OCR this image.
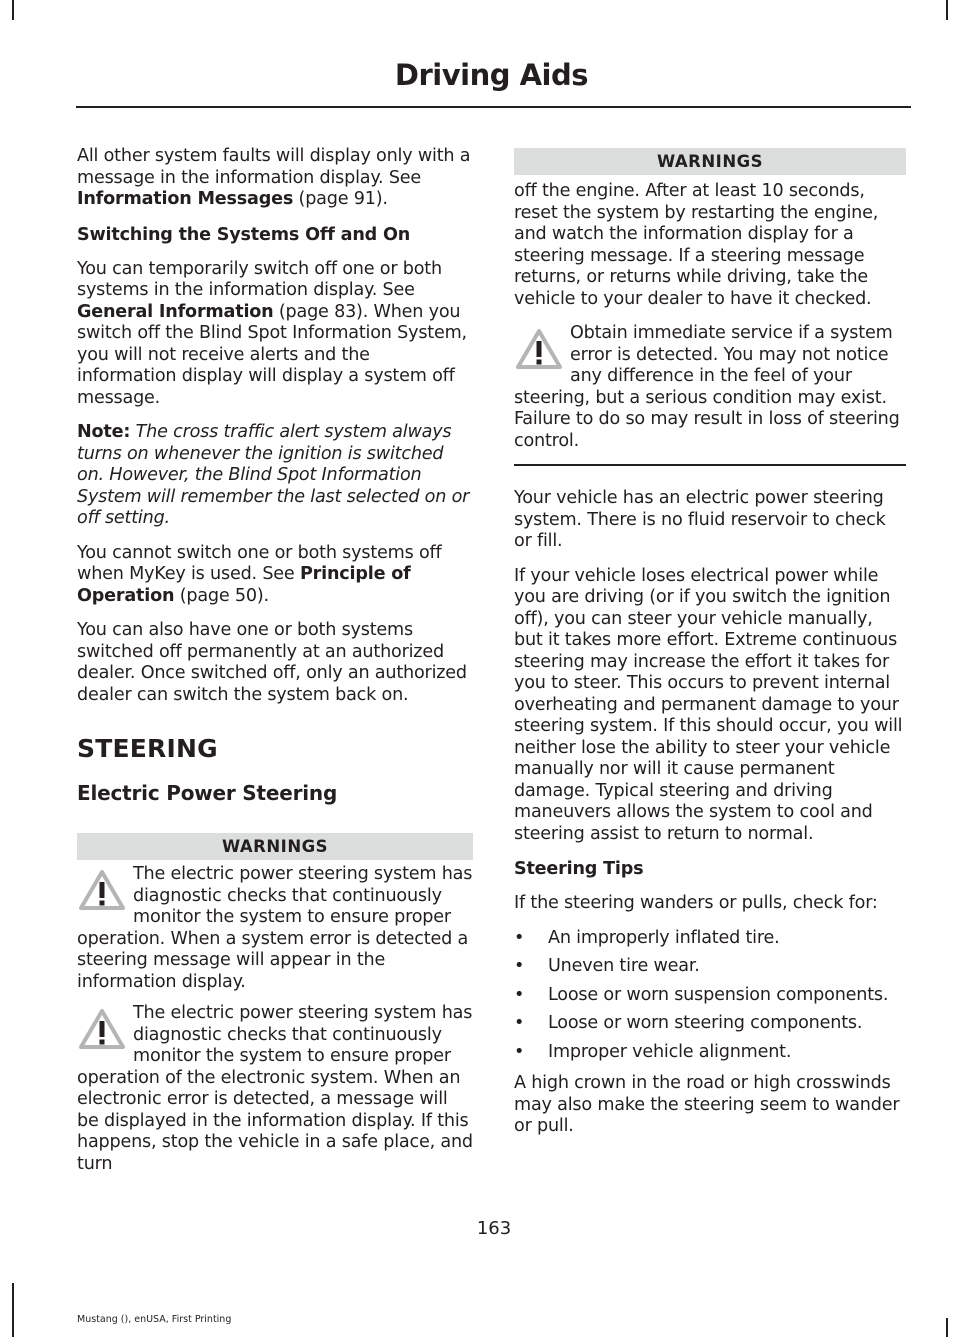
Driving Aids

All other system faults will display only with a message in the information display. See Information Messages (page 91).

Switching the Systems Off and On

You can temporarily switch off one or both systems in the information display. See General Information (page 83). When you switch off the Blind Spot Information System, you will not receive alerts and the information display will display a system off message.

Note: The cross traffic alert system always turns on whenever the ignition is switched on. However, the Blind Spot Information System will remember the last selected on or off setting.

You cannot switch one or both systems off when MyKey is used. See Principle of Operation (page 50).

You can also have one or both systems switched off permanently at an authorized dealer. Once switched off, only an authorized dealer can switch the system back on.

STEERING
Electric Power Steering
WARNINGS
The electric power steering system has diagnostic checks that continuously monitor the system to ensure proper operation. When a system error is detected a steering message will appear in the information display.
The electric power steering system has diagnostic checks that continuously monitor the system to ensure proper operation of the electronic system. When an electronic error is detected, a message will be displayed in the information display. If this happens, stop the vehicle in a safe place, and turn
WARNINGS

off the engine. After at least 10 seconds, reset the system by restarting the engine, and watch the information display for a steering message. If a steering message returns, or returns while driving, take the vehicle to your dealer to have it checked.

Obtain immediate service if a system error is detected. You may not notice any difference in the feel of your steering, but a serious condition may exist. Failure to do so may result in loss of steering control.

Your vehicle has an electric power steering system. There is no fluid reservoir to check or fill.

If your vehicle loses electrical power while you are driving (or if you switch the ignition off), you can steer your vehicle manually, but it takes more effort. Extreme continuous steering may increase the effort it takes for you to steer. This occurs to prevent internal overheating and permanent damage to your steering system. If this should occur, you will neither lose the ability to steer your vehicle manually nor will it cause permanent damage. Typical steering and driving maneuvers allows the system to cool and steering assist to return to normal.

Steering Tips

If the steering wanders or pulls, check for:

• An improperly inflated tire.
• Uneven tire wear.
• Loose or worn suspension components.
• Loose or worn steering components.
• Improper vehicle alignment.

A high crown in the road or high crosswinds may also make the steering seem to wander or pull.

163
Mustang (), enUSA, First Printing
